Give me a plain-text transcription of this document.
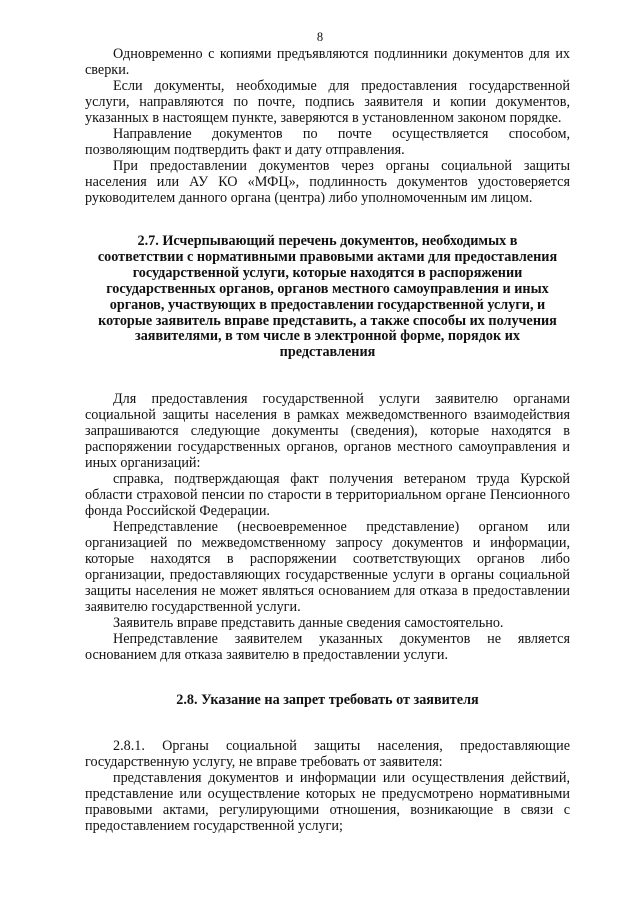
8

Одновременно с копиями предъявляются подлинники документов для их сверки.

Если документы, необходимые для предоставления государственной услуги, направляются по почте, подпись заявителя и копии документов, указанных в настоящем пункте, заверяются в установленном законом порядке.

Направление документов по почте осуществляется способом, позволяющим подтвердить факт и дату отправления.

При предоставлении документов через органы социальной защиты населения или АУ КО «МФЦ», подлинность документов удостоверяется руководителем данного органа (центра) либо уполномоченным им лицом.

2.7. Исчерпывающий перечень документов, необходимых в соответствии с нормативными правовыми актами для предоставления государственной услуги, которые находятся в распоряжении государственных органов, органов местного самоуправления и иных органов, участвующих в предоставлении государственной услуги, и которые заявитель вправе представить, а также способы их получения заявителями, в том числе в электронной форме, порядок их представления

Для предоставления государственной услуги заявителю органами социальной защиты населения в рамках межведомственного взаимодействия запрашиваются следующие документы (сведения), которые находятся в распоряжении государственных органов, органов местного самоуправления и иных организаций:

справка, подтверждающая факт получения ветераном труда Курской области страховой пенсии по старости в территориальном органе Пенсионного фонда Российской Федерации.

Непредставление (несвоевременное представление) органом или организацией по межведомственному запросу документов и информации, которые находятся в распоряжении соответствующих органов либо организации, предоставляющих государственные услуги в органы социальной защиты населения не может являться основанием для отказа в предоставлении заявителю государственной услуги.

Заявитель вправе представить данные сведения самостоятельно.

Непредставление заявителем указанных документов не является основанием для отказа заявителю в предоставлении услуги.

2.8. Указание на запрет требовать от заявителя

2.8.1. Органы социальной защиты населения, предоставляющие государственную услугу, не вправе требовать от заявителя:

представления документов и информации или осуществления действий, представление или осуществление которых не предусмотрено нормативными правовыми актами, регулирующими отношения, возникающие в связи с предоставлением государственной услуги;
